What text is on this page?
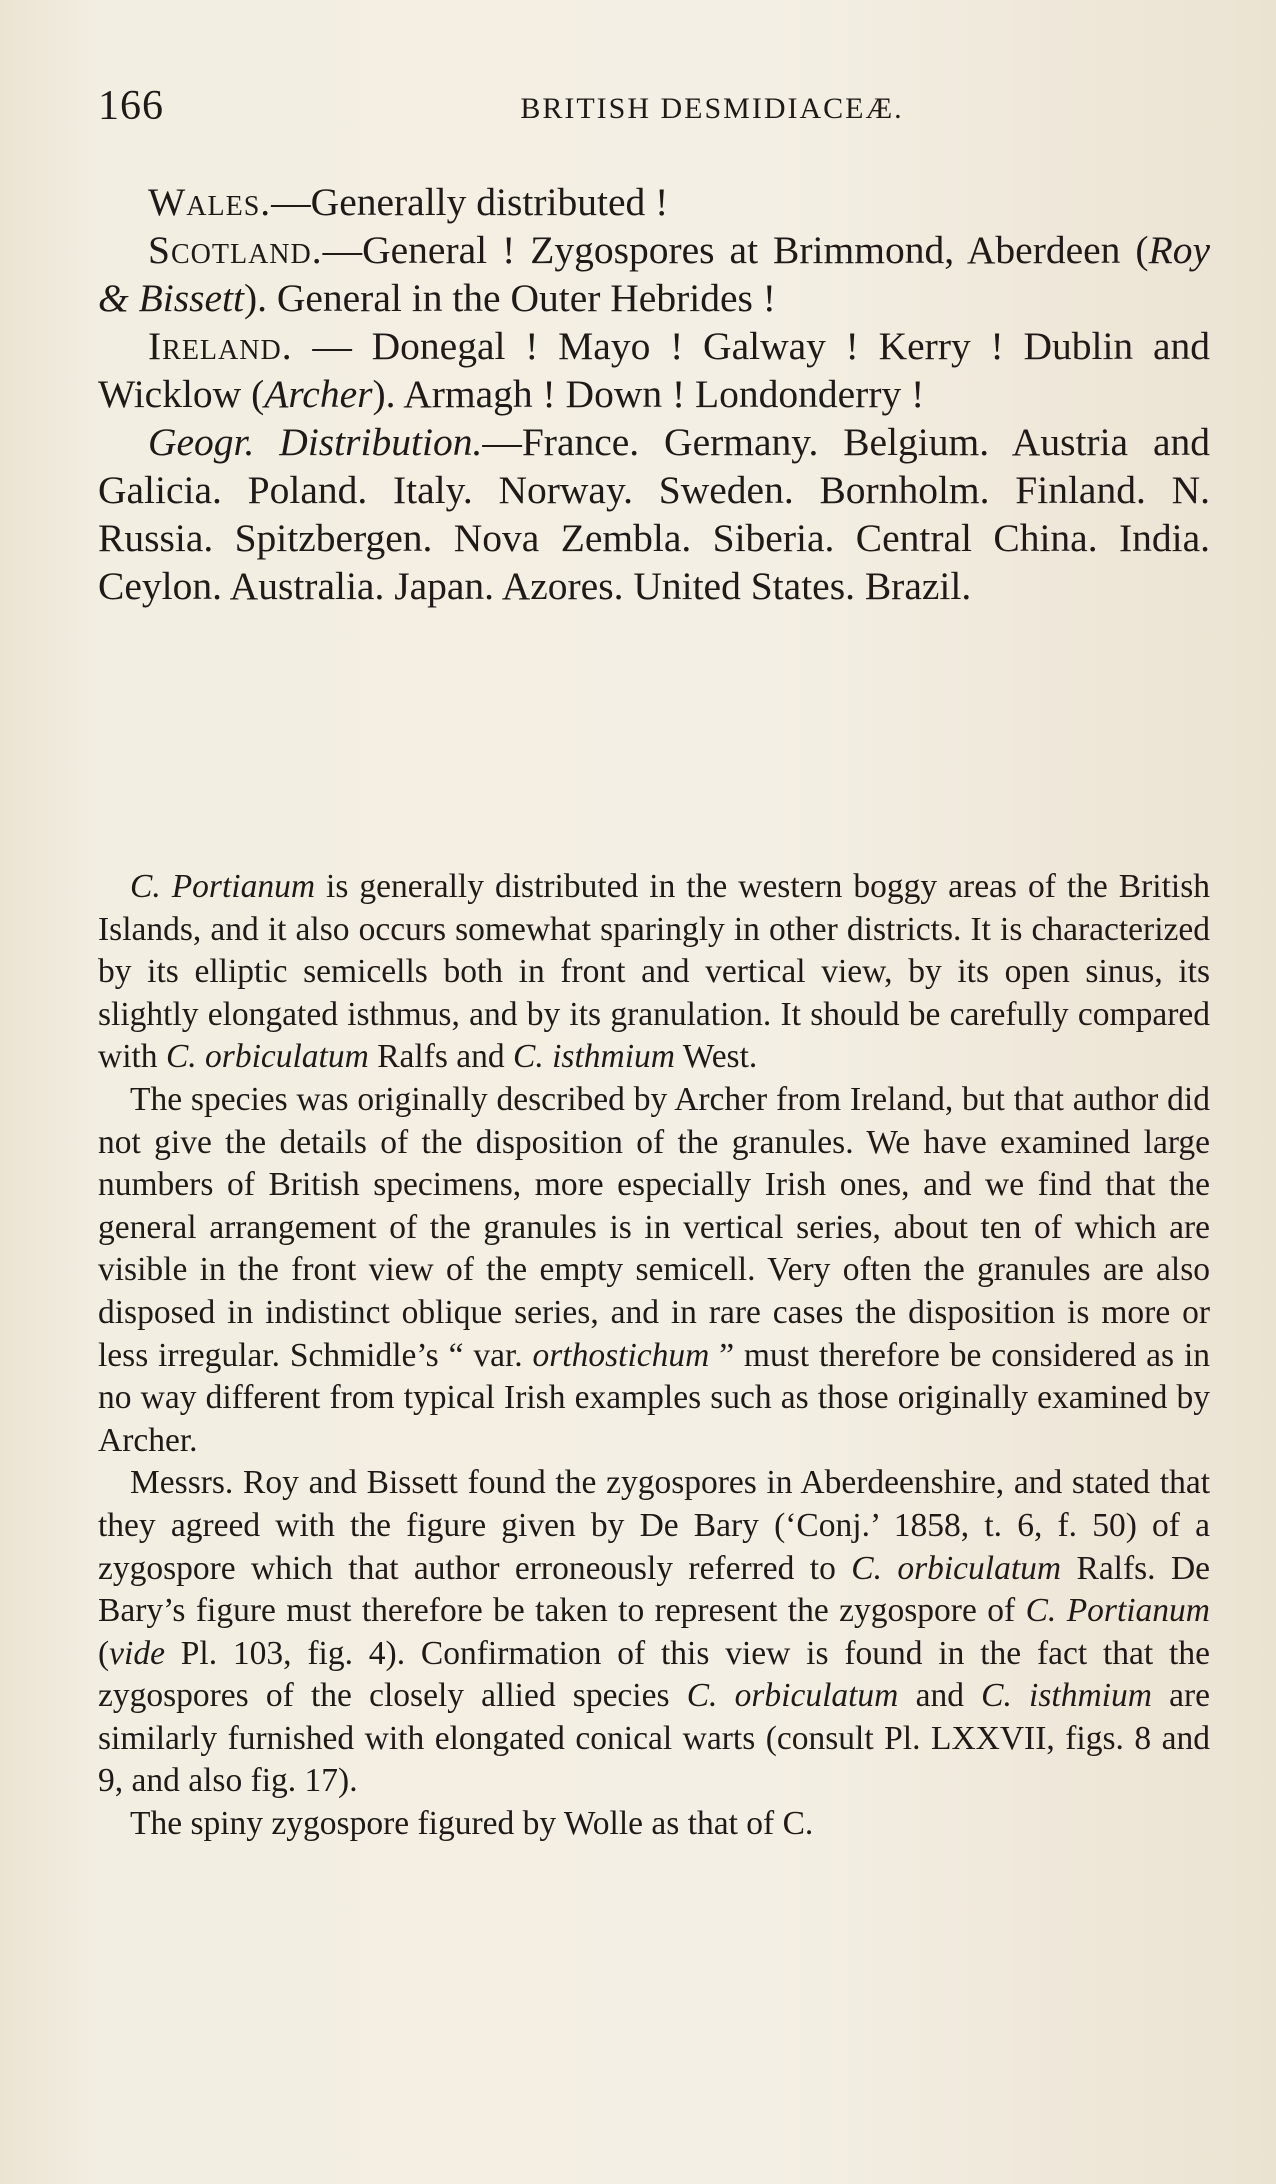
166	BRITISH DESMIDIACEÆ.

Wales.—Generally distributed !

Scotland.—General ! Zygospores at Brimmond, Aberdeen (Roy & Bissett). General in the Outer Hebrides !

Ireland. — Donegal ! Mayo ! Galway ! Kerry ! Dublin and Wicklow (Archer). Armagh ! Down ! Londonderry !

Geogr. Distribution.—France. Germany. Belgium. Austria and Galicia. Poland. Italy. Norway. Sweden. Bornholm. Finland. N. Russia. Spitzbergen. Nova Zembla. Siberia. Central China. India. Ceylon. Australia. Japan. Azores. United States. Brazil.

C. Portianum is generally distributed in the western boggy areas of the British Islands, and it also occurs somewhat sparingly in other districts. It is characterized by its elliptic semicells both in front and vertical view, by its open sinus, its slightly elongated isthmus, and by its granulation. It should be carefully compared with C. orbiculatum Ralfs and C. isthmium West.

The species was originally described by Archer from Ireland, but that author did not give the details of the disposition of the granules. We have examined large numbers of British specimens, more especially Irish ones, and we find that the general arrangement of the granules is in vertical series, about ten of which are visible in the front view of the empty semicell. Very often the granules are also disposed in indistinct oblique series, and in rare cases the disposition is more or less irregular. Schmidle’s “ var. orthostichum ” must therefore be considered as in no way different from typical Irish examples such as those originally examined by Archer.

Messrs. Roy and Bissett found the zygospores in Aberdeenshire, and stated that they agreed with the figure given by De Bary (‘Conj.’ 1858, t. 6, f. 50) of a zygospore which that author erroneously referred to C. orbiculatum Ralfs. De Bary’s figure must therefore be taken to represent the zygospore of C. Portianum (vide Pl. 103, fig. 4). Confirmation of this view is found in the fact that the zygospores of the closely allied species C. orbiculatum and C. isthmium are similarly furnished with elongated conical warts (consult Pl. LXXVII, figs. 8 and 9, and also fig. 17).

The spiny zygospore figured by Wolle as that of C.
